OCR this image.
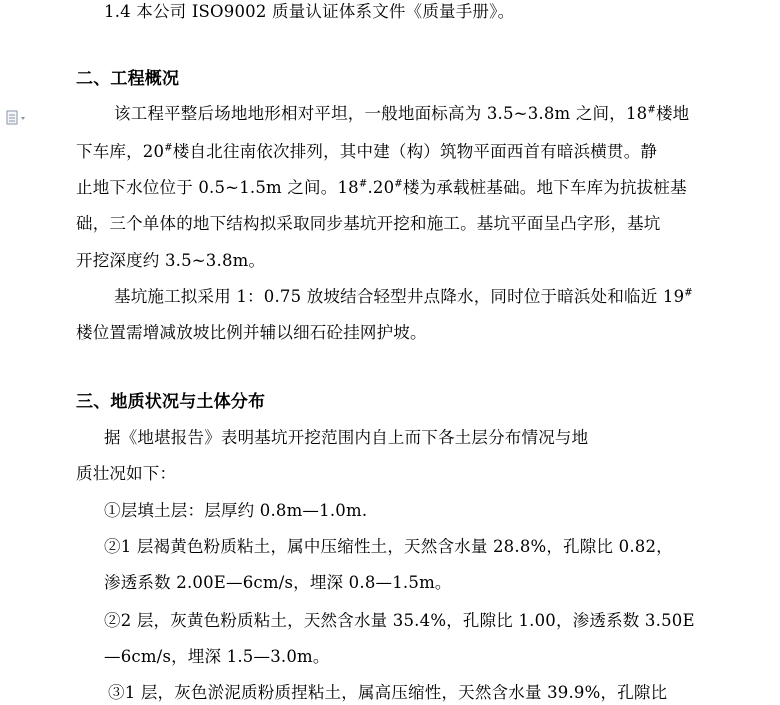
1.4 本公司 ISO9002 质量认证体系文件《质量手册》。
二、工程概况
该工程平整后场地地形相对平坦，一般地面标高为 3.5~3.8m 之间，18#楼地
下车库，20#楼自北往南依次排列，其中建（构）筑物平面西首有暗浜横贯。静
止地下水位位于 0.5~1.5m 之间。18#.20#楼为承载桩基础。地下车库为抗拔桩基
础，三个单体的地下结构拟采取同步基坑开挖和施工。基坑平面呈凸字形，基坑
开挖深度约 3.5~3.8m。
基坑施工拟采用 1：0.75 放坡结合轻型井点降水，同时位于暗浜处和临近 19#
楼位置需增减放坡比例并辅以细石砼挂网护坡。
三、地质状况与土体分布
据《地堪报告》表明基坑开挖范围内自上而下各土层分布情况与地
质壮况如下：
①层填土层：层厚约 0.8m—1.0m.
②1 层褐黄色粉质粘土，属中压缩性土，天然含水量 28.8%，孔隙比 0.82，
渗透系数 2.00E—6cm/s，埋深 0.8—1.5m。
②2 层，灰黄色粉质粘土，天然含水量 35.4%，孔隙比 1.00，渗透系数 3.50E
—6cm/s，埋深 1.5—3.0m。
③1 层，灰色淤泥质粉质捏粘土，属高压缩性，天然含水量 39.9%，孔隙比
